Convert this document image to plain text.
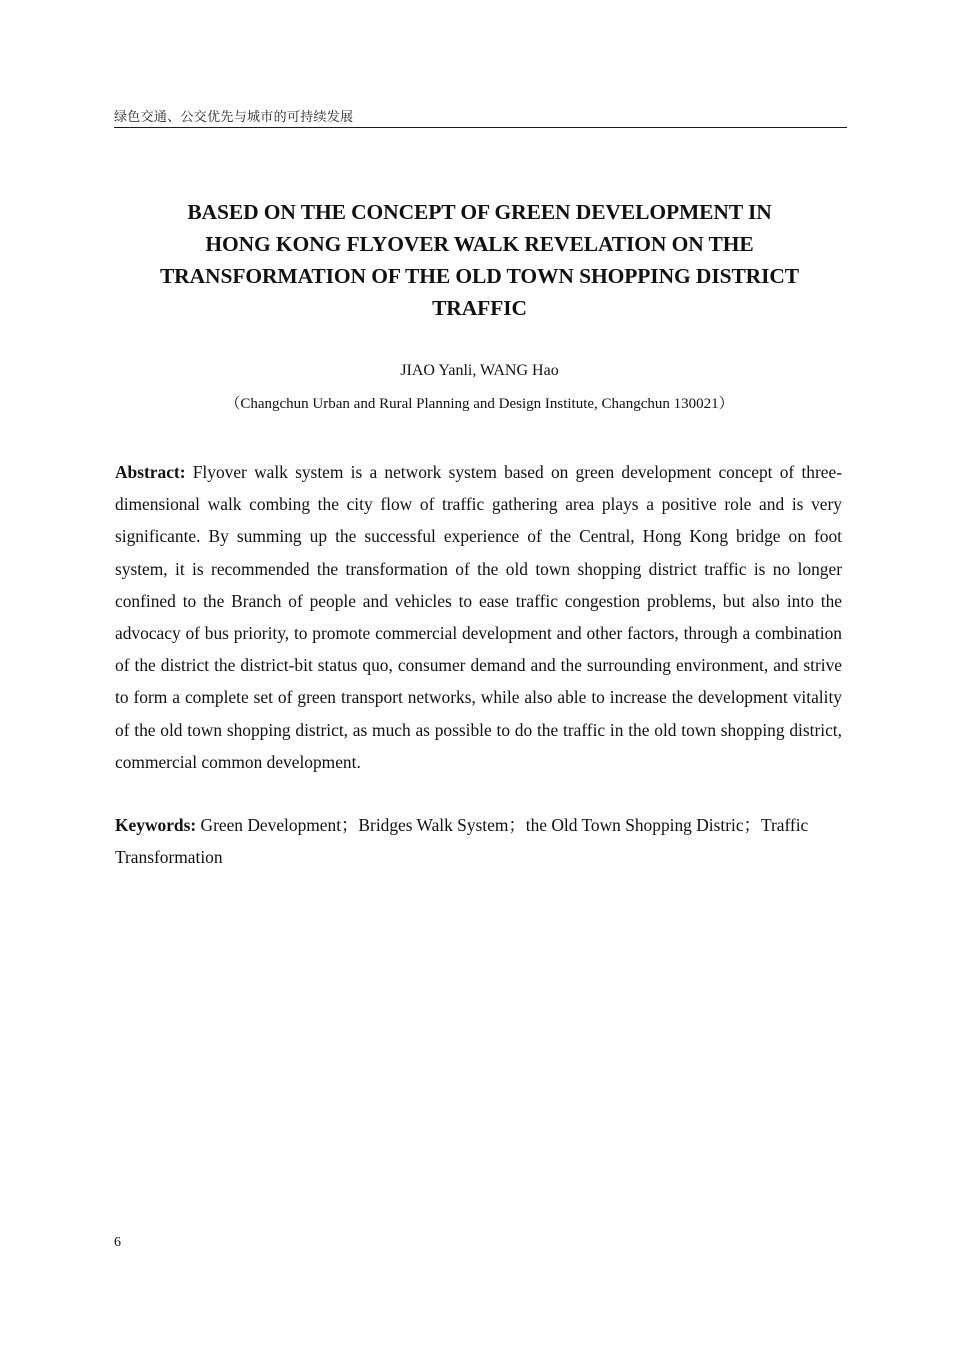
绿色交通、公交优先与城市的可持续发展
BASED ON THE CONCEPT OF GREEN DEVELOPMENT IN
HONG KONG FLYOVER WALK REVELATION ON THE
TRANSFORMATION OF THE OLD TOWN SHOPPING DISTRICT
TRAFFIC
JIAO Yanli, WANG Hao
（Changchun Urban and Rural Planning and Design Institute, Changchun 130021）

Abstract: Flyover walk system is a network system based on green development concept of three-dimensional walk combing the city flow of traffic gathering area plays a positive role and is very significante. By summing up the successful experience of the Central, Hong Kong bridge on foot system, it is recommended the transformation of the old town shopping district traffic is no longer confined to the Branch of people and vehicles to ease traffic congestion problems, but also into the advocacy of bus priority, to promote commercial development and other factors, through a combination of the district the district-bit status quo, consumer demand and the surrounding environment, and strive to form a complete set of green transport networks, while also able to increase the development vitality of the old town shopping district, as much as possible to do the traffic in the old town shopping district, commercial common development.

Keywords: Green Development；Bridges Walk System；the Old Town Shopping Distric；Traffic Transformation

6
